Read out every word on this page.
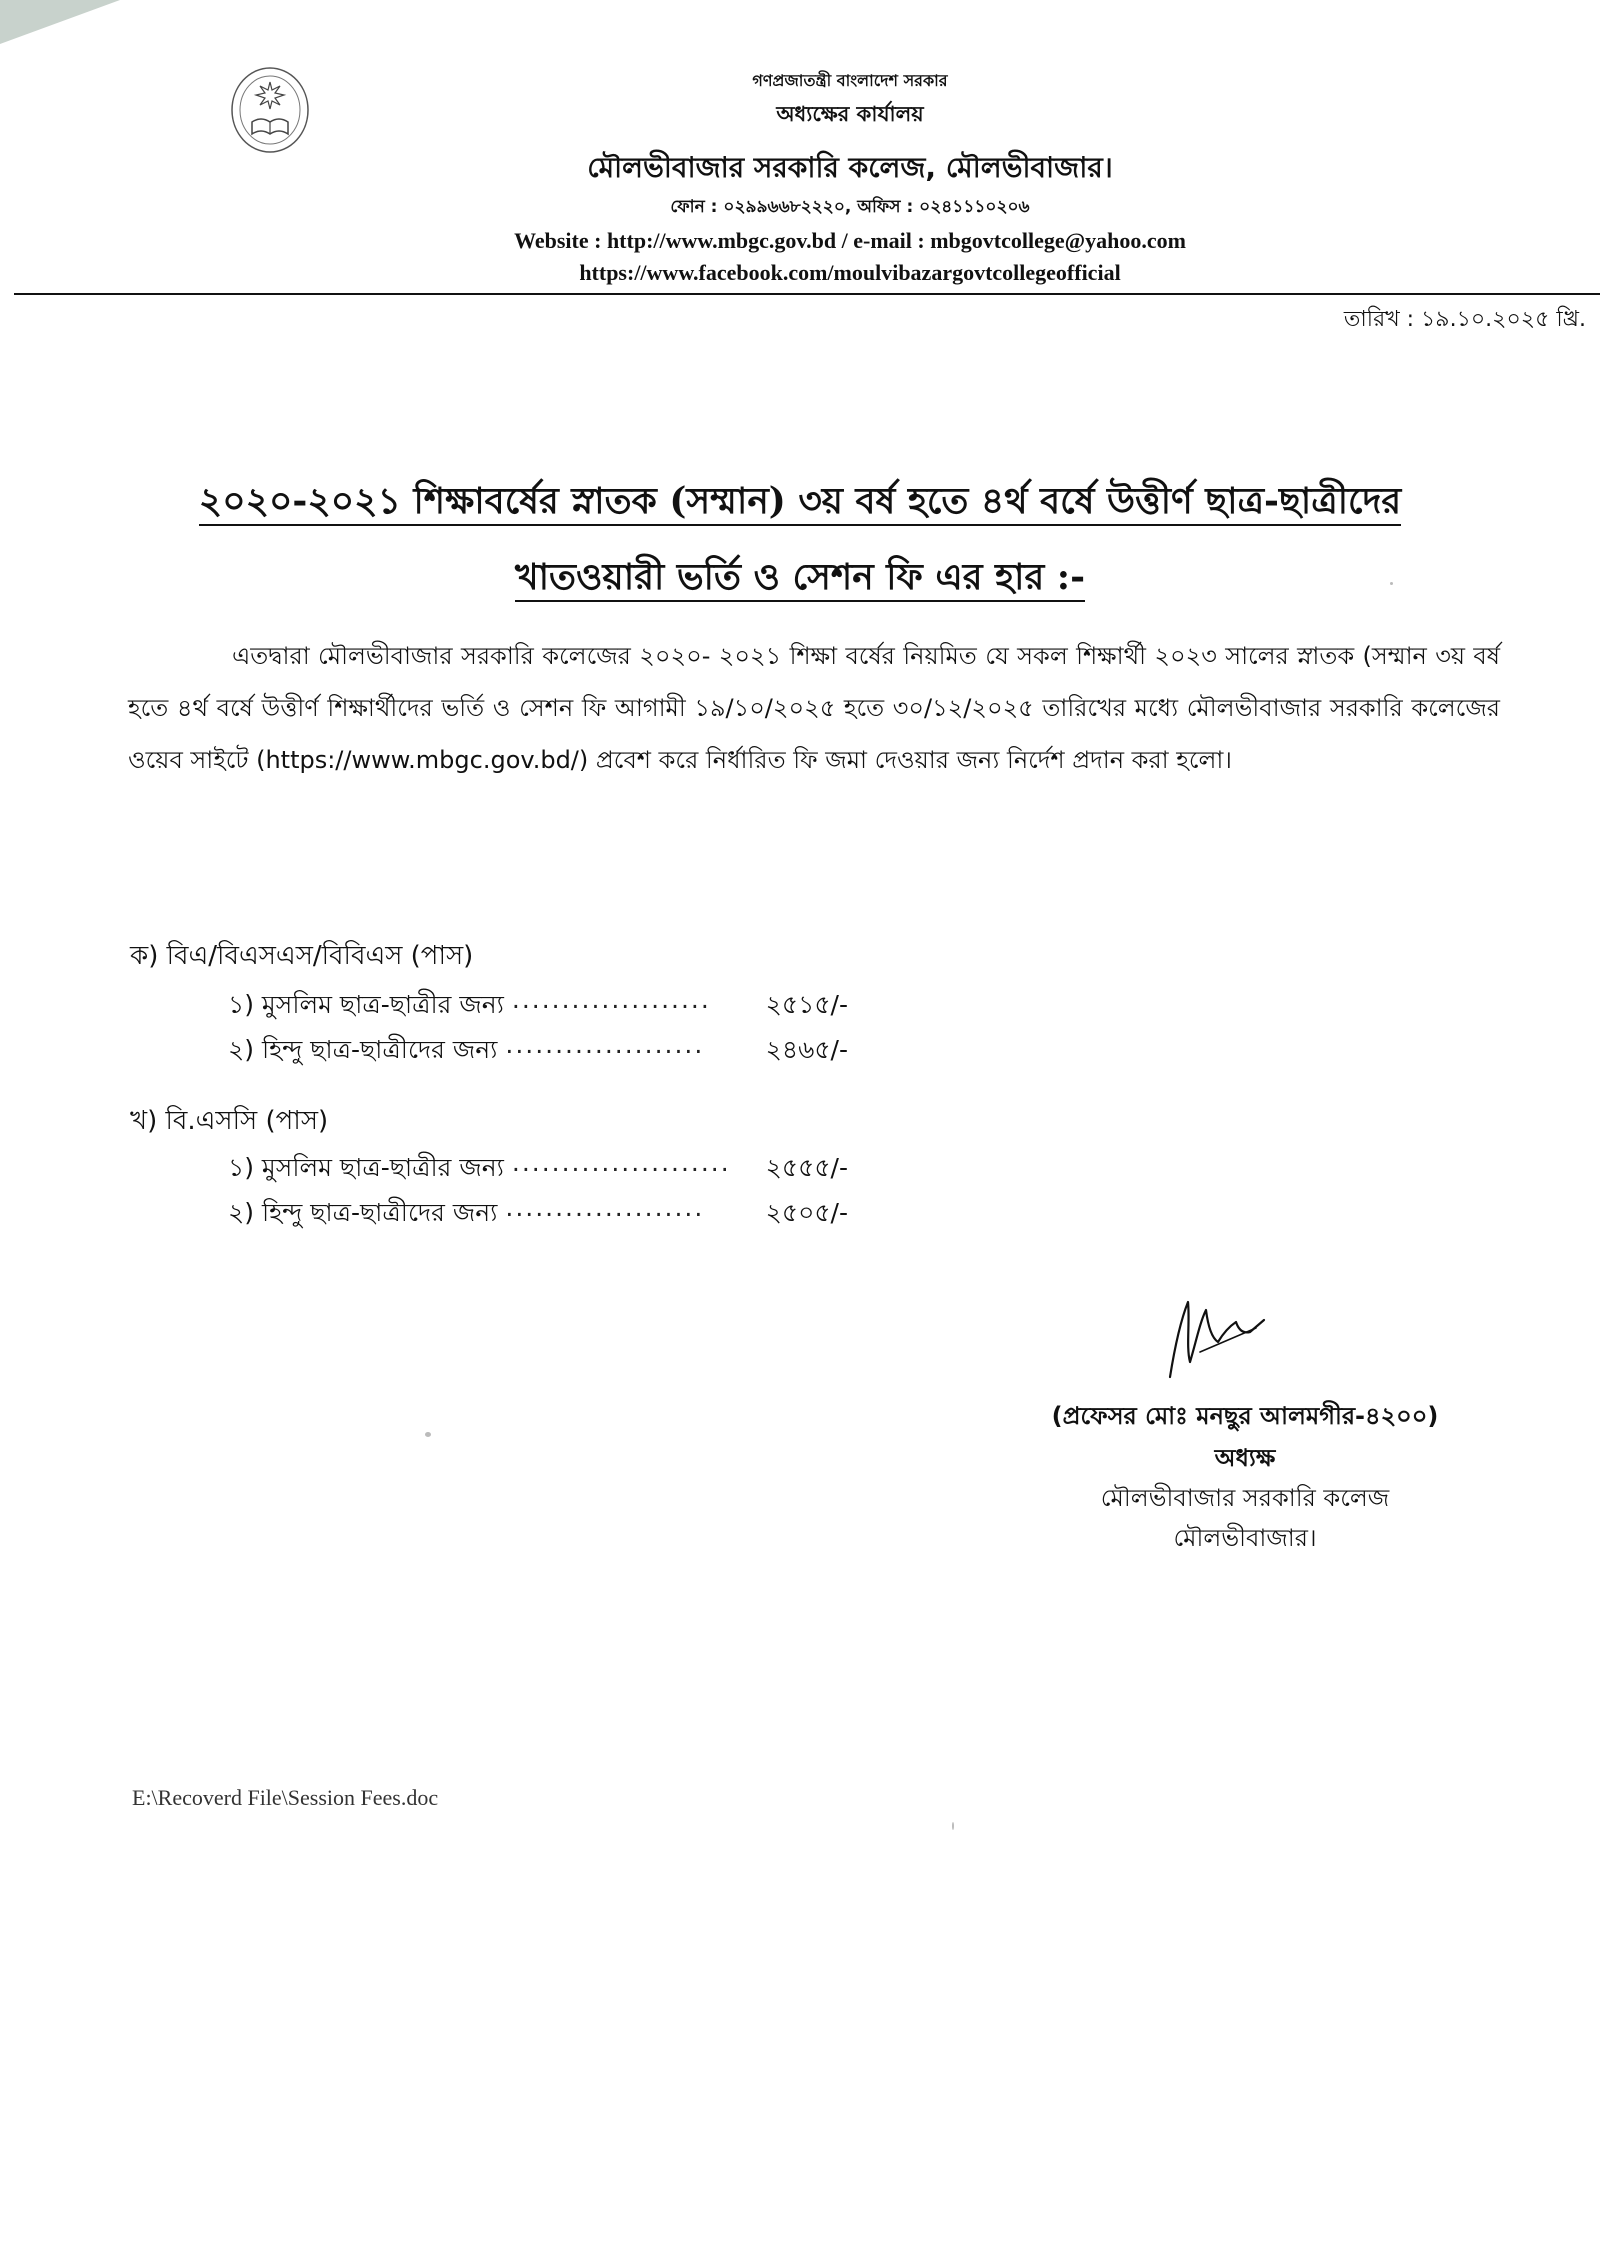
গণপ্রজাতন্ত্রী বাংলাদেশ সরকার
অধ্যক্ষের কার্যালয়
মৌলভীবাজার সরকারি কলেজ, মৌলভীবাজার।
ফোন : ০২৯৯৬৬৮২২২০, অফিস : ০২৪১১১০২০৬
Website : http://www.mbgc.gov.bd / e-mail : mbgovtcollege@yahoo.com
https://www.facebook.com/moulvibazargovtcollegeofficial
তারিখ : ১৯.১০.২০২৫ খ্রি.
২০২০-২০২১ শিক্ষাবর্ষের স্নাতক (সম্মান) ৩য় বর্ষ হতে ৪র্থ বর্ষে উত্তীর্ণ ছাত্র-ছাত্রীদের
খাতওয়ারী ভর্তি ও সেশন ফি এর হার :-

এতদ্বারা মৌলভীবাজার সরকারি কলেজের ২০২০- ২০২১ শিক্ষা বর্ষের নিয়মিত যে সকল শিক্ষার্থী ২০২৩ সালের স্নাতক (সম্মান ৩য় বর্ষ হতে ৪র্থ বর্ষে উত্তীর্ণ শিক্ষার্থীদের ভর্তি ও সেশন ফি আগামী ১৯/১০/২০২৫ হতে ৩০/১২/২০২৫ তারিখের মধ্যে মৌলভীবাজার সরকারি কলেজের ওয়েব সাইটে (https://www.mbgc.gov.bd/) প্রবেশ করে নির্ধারিত ফি জমা দেওয়ার জন্য নির্দেশ প্রদান করা হলো।

ক) বিএ/বিএসএস/বিবিএস (পাস)
১) মুসলিম ছাত্র-ছাত্রীর জন্য ....................	২৫১৫/-
২) হিন্দু ছাত্র-ছাত্রীদের জন্য ....................	২৪৬৫/-
খ) বি.এসসি (পাস)
১) মুসলিম ছাত্র-ছাত্রীর জন্য ......................	২৫৫৫/-
২) হিন্দু ছাত্র-ছাত্রীদের জন্য ....................	২৫০৫/-
(প্রফেসর মোঃ মনছুর আলমগীর-৪২০০)
অধ্যক্ষ
মৌলভীবাজার সরকারি কলেজ
মৌলভীবাজার।
E:\Recoverd File\Session Fees.doc
